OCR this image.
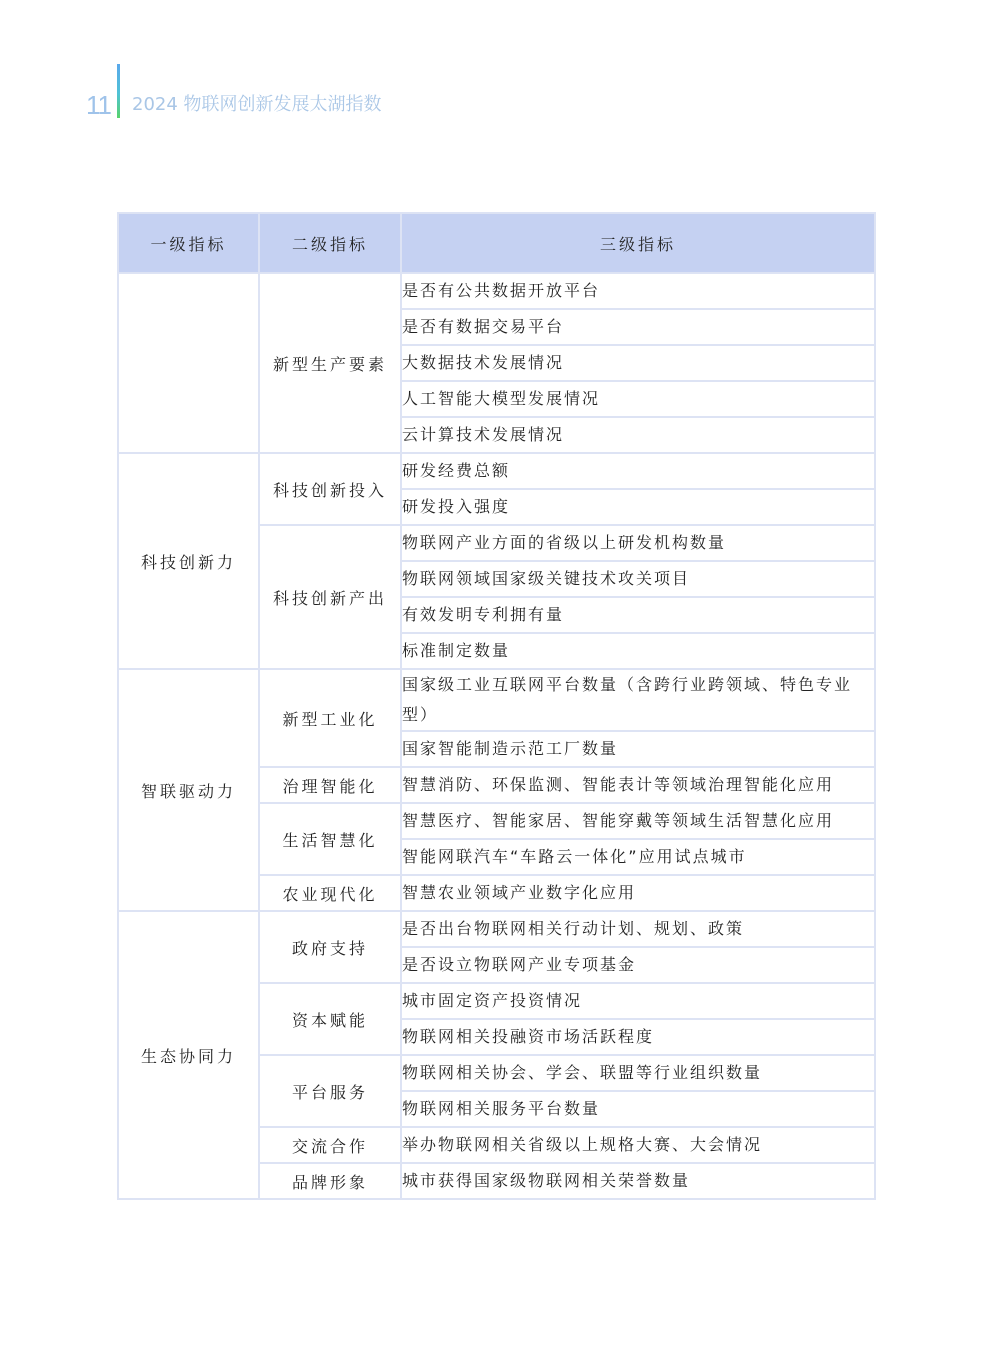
11 2024 物联网创新发展太湖指数
一级指标	二级指标	三级指标
	新型生产要素	是否有公共数据开放平台
		是否有数据交易平台
		大数据技术发展情况
		人工智能大模型发展情况
		云计算技术发展情况
科技创新力	科技创新投入	研发经费总额
		研发投入强度
	科技创新产出	物联网产业方面的省级以上研发机构数量
		物联网领域国家级关键技术攻关项目
		有效发明专利拥有量
		标准制定数量
智联驱动力	新型工业化	国家级工业互联网平台数量（含跨行业跨领域、特色专业型）
		国家智能制造示范工厂数量
	治理智能化	智慧消防、环保监测、智能表计等领域治理智能化应用
	生活智慧化	智慧医疗、智能家居、智能穿戴等领域生活智慧化应用
		智能网联汽车“车路云一体化”应用试点城市
	农业现代化	智慧农业领域产业数字化应用
生态协同力	政府支持	是否出台物联网相关行动计划、规划、政策
		是否设立物联网产业专项基金
	资本赋能	城市固定资产投资情况
		物联网相关投融资市场活跃程度
	平台服务	物联网相关协会、学会、联盟等行业组织数量
		物联网相关服务平台数量
	交流合作	举办物联网相关省级以上规格大赛、大会情况
	品牌形象	城市获得国家级物联网相关荣誉数量
